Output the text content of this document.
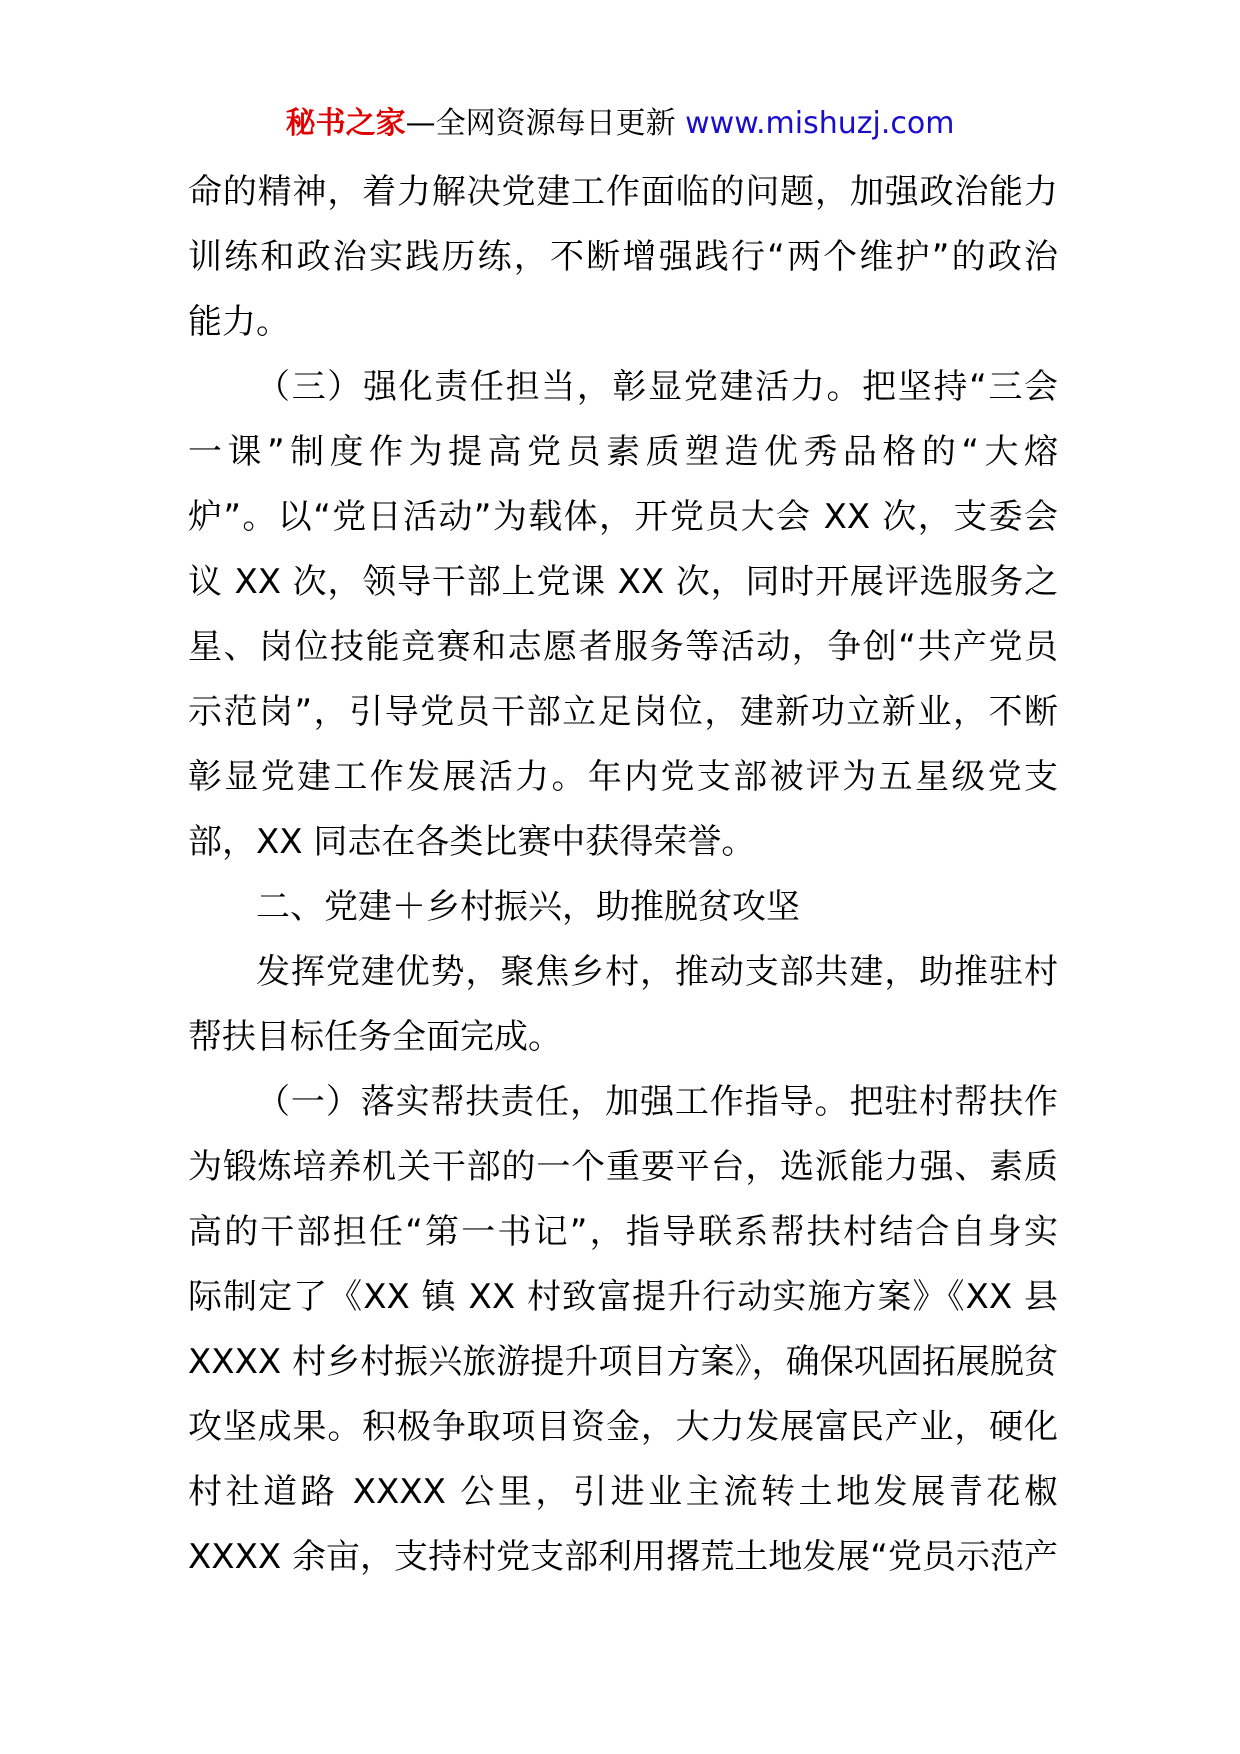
秘书之家—全网资源每日更新 www.mishuzj.com
命的精神，着力解决党建工作面临的问题，加强政治能力
训练和政治实践历练，不断增强践行“两个维护”的政治
能力。
（三）强化责任担当，彰显党建活力。把坚持“三会
一课”制度作为提高党员素质塑造优秀品格的“大熔
炉”。以“党日活动”为载体，开党员大会 XX 次，支委会
议 XX 次，领导干部上党课 XX 次，同时开展评选服务之
星、岗位技能竞赛和志愿者服务等活动，争创“共产党员
示范岗”，引导党员干部立足岗位，建新功立新业，不断
彰显党建工作发展活力。年内党支部被评为五星级党支
部，XX 同志在各类比赛中获得荣誉。
二、党建＋乡村振兴，助推脱贫攻坚
发挥党建优势，聚焦乡村，推动支部共建，助推驻村
帮扶目标任务全面完成。
（一）落实帮扶责任，加强工作指导。把驻村帮扶作
为锻炼培养机关干部的一个重要平台，选派能力强、素质
高的干部担任“第一书记”，指导联系帮扶村结合自身实
际制定了《XX 镇 XX 村致富提升行动实施方案》《XX 县
XXXX 村乡村振兴旅游提升项目方案》，确保巩固拓展脱贫
攻坚成果。积极争取项目资金，大力发展富民产业，硬化
村社道路 XXXX 公里，引进业主流转土地发展青花椒
XXXX 余亩，支持村党支部利用撂荒土地发展“党员示范产
